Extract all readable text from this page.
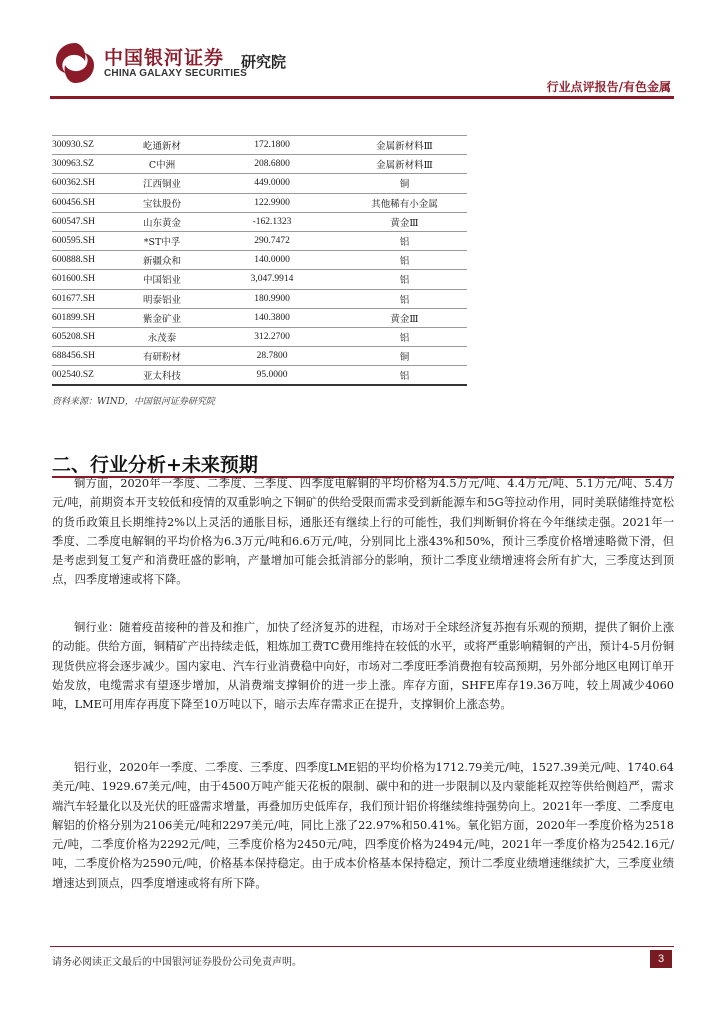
中国银河证券
CHINA GALAXY SECURITIES
研究院
行业点评报告/有色金属
300930.SZ	屹通新材	172.1800	金属新材料Ⅲ
300963.SZ	C中洲	208.6800	金属新材料Ⅲ
600362.SH	江西铜业	449.0000	铜
600456.SH	宝钛股份	122.9900	其他稀有小金属
600547.SH	山东黄金	-162.1323	黄金Ⅲ
600595.SH	*ST中孚	290.7472	铝
600888.SH	新疆众和	140.0000	铝
601600.SH	中国铝业	3,047.9914	铝
601677.SH	明泰铝业	180.9900	铝
601899.SH	紫金矿业	140.3800	黄金Ⅲ
605208.SH	永茂泰	312.2700	铝
688456.SH	有研粉材	28.7800	铜
002540.SZ	亚太科技	95.0000	铝
资料来源：WIND，中国银河证券研究院
二、行业分析+未来预期

铜方面，2020年一季度、二季度、三季度、四季度电解铜的平均价格为4.5万元/吨、4.4万元/吨、5.1万元/吨、5.4万元/吨，前期资本开支较低和疫情的双重影响之下铜矿的供给受限而需求受到新能源车和5G等拉动作用，同时美联储维持宽松的货币政策且长期维持2%以上灵活的通胀目标，通胀还有继续上行的可能性，我们判断铜价将在今年继续走强。2021年一季度、二季度电解铜的平均价格为6.3万元/吨和6.6万元/吨，分别同比上涨43%和50%，预计三季度价格增速略微下滑，但是考虑到复工复产和消费旺盛的影响，产量增加可能会抵消部分的影响，预计二季度业绩增速将会所有扩大，三季度达到顶点，四季度增速或将下降。

铜行业：随着疫苗接种的普及和推广，加快了经济复苏的进程，市场对于全球经济复苏抱有乐观的预期，提供了铜价上涨的动能。供给方面，铜精矿产出持续走低，粗炼加工费TC费用维持在较低的水平，或将严重影响精铜的产出，预计4-5月份铜现货供应将会逐步减少。国内家电、汽车行业消费稳中向好，市场对二季度旺季消费抱有较高预期，另外部分地区电网订单开始发放，电缆需求有望逐步增加，从消费端支撑铜价的进一步上涨。库存方面，SHFE库存19.36万吨，较上周减少4060吨，LME可用库存再度下降至10万吨以下，暗示去库存需求正在提升，支撑铜价上涨态势。

铝行业，2020年一季度、二季度、三季度、四季度LME铝的平均价格为1712.79美元/吨，1527.39美元/吨、1740.64美元/吨、1929.67美元/吨，由于4500万吨产能天花板的限制、碳中和的进一步限制以及内蒙能耗双控等供给侧趋严，需求端汽车轻量化以及光伏的旺盛需求增量，再叠加历史低库存，我们预计铝价将继续维持强势向上。2021年一季度、二季度电解铝的价格分别为2106美元/吨和2297美元/吨，同比上涨了22.97%和50.41%。氧化铝方面，2020年一季度价格为2518元/吨，二季度价格为2292元/吨，三季度价格为2450元/吨，四季度价格为2494元/吨，2021年一季度价格为2542.16元/吨，二季度价格为2590元/吨，价格基本保持稳定。由于成本价格基本保持稳定，预计二季度业绩增速继续扩大，三季度业绩增速达到顶点，四季度增速或将有所下降。

请务必阅读正文最后的中国银河证券股份公司免责声明。	3
